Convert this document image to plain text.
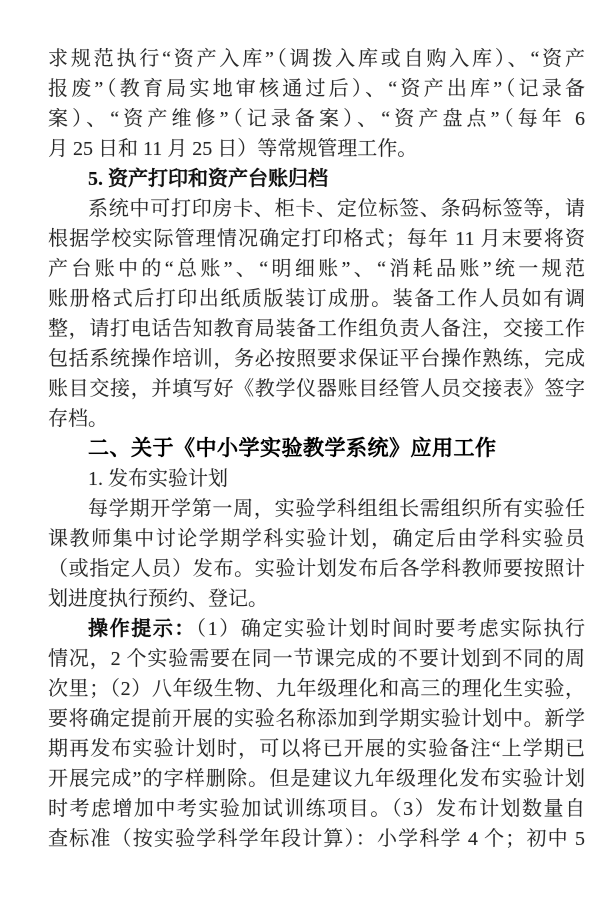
求规范执行“资产入库”（调拨入库或自购入库）、“资产
报废”（教育局实地审核通过后）、“资产出库”（记录备
案）、“资产维修”（记录备案）、“资产盘点”（每年 6
月 25 日和 11 月 25 日）等常规管理工作。
5. 资产打印和资产台账归档
系统中可打印房卡、柜卡、定位标签、条码标签等，请
根据学校实际管理情况确定打印格式；每年 11 月末要将资
产台账中的“总账”、“明细账”、“消耗品账”统一规范
账册格式后打印出纸质版装订成册。装备工作人员如有调
整，请打电话告知教育局装备工作组负责人备注，交接工作
包括系统操作培训，务必按照要求保证平台操作熟练，完成
账目交接，并填写好《教学仪器账目经管人员交接表》签字
存档。
二、关于《中小学实验教学系统》应用工作
1. 发布实验计划
每学期开学第一周，实验学科组组长需组织所有实验任
课教师集中讨论学期学科实验计划，确定后由学科实验员
（或指定人员）发布。实验计划发布后各学科教师要按照计
划进度执行预约、登记。
操作提示：（1）确定实验计划时间时要考虑实际执行
情况，2 个实验需要在同一节课完成的不要计划到不同的周
次里；（2）八年级生物、九年级理化和高三的理化生实验，
要将确定提前开展的实验名称添加到学期实验计划中。新学
期再发布实验计划时，可以将已开展的实验备注“上学期已
开展完成”的字样删除。但是建议九年级理化发布实验计划
时考虑增加中考实验加试训练项目。（3）发布计划数量自
查标准（按实验学科学年段计算）：小学科学 4 个；初中 5
